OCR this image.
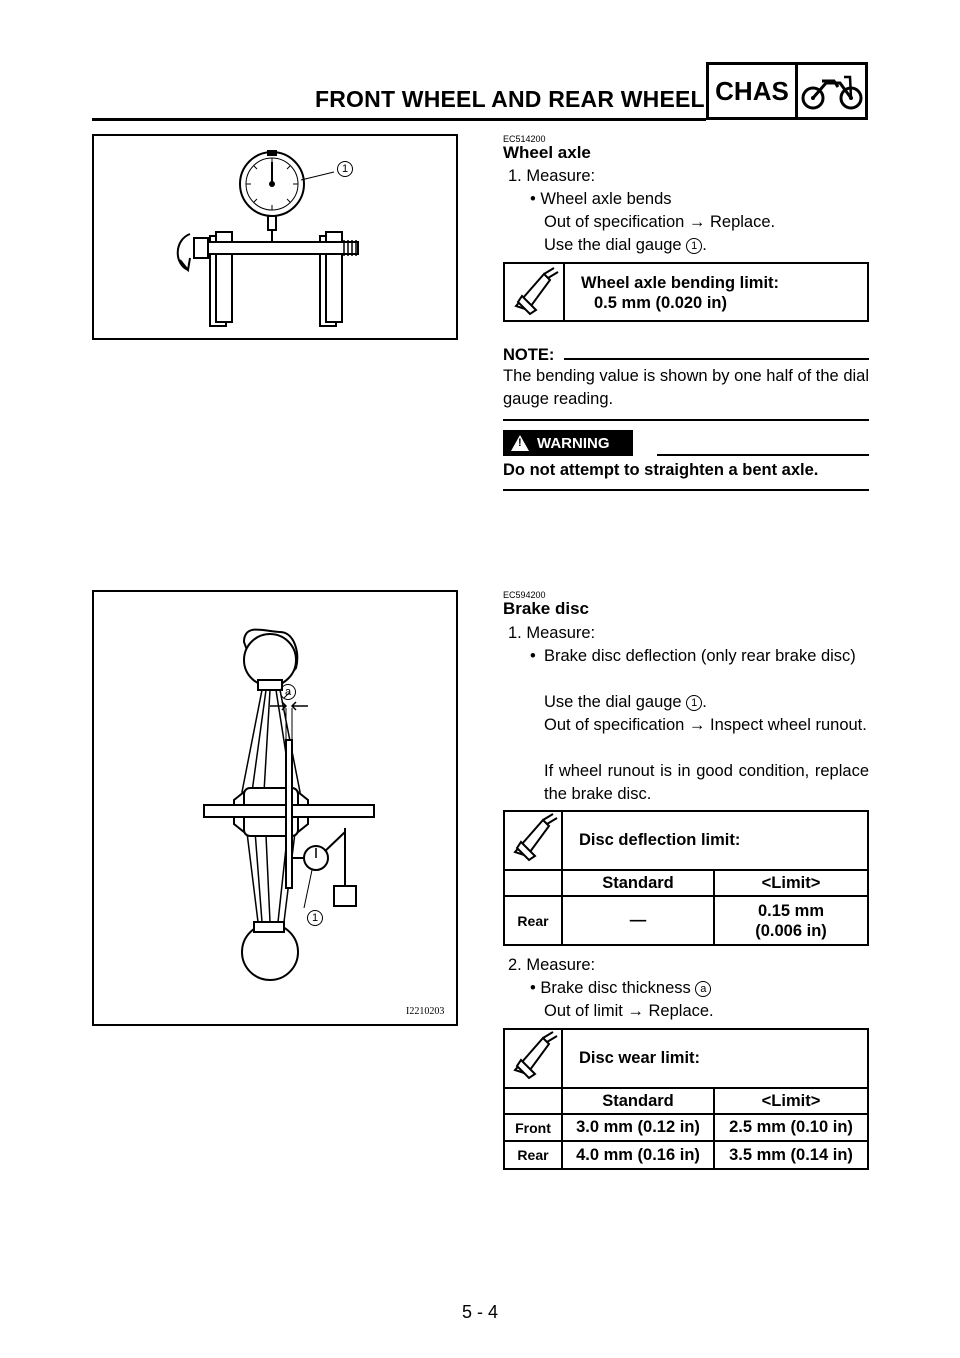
FRONT WHEEL AND REAR WHEEL CHAS
1
EC514200
Wheel axle
1. Measure:
• Wheel axle bends
Out of specification → Replace.
Use the dial gauge 1 .
Wheel axle bending limit:
0.5 mm (0.020 in)
NOTE:
The bending value is shown by one half of the dial gauge reading.
! WARNING
Do not attempt to straighten a bent axle.
a
1
I2210203
EC594200
Brake disc
1. Measure:
• Brake disc deflection (only rear brake disc)
Use the dial gauge 1 .
Out of specification → Inspect wheel runout.
If wheel runout is in good condition, replace the brake disc.
	Disc deflection limit:	
	Standard	<Limit>
Rear	—	0.15 mm (0.006 in)
2. Measure:
• Brake disc thickness a
Out of limit → Replace.
	Disc wear limit:	
	Standard	<Limit>
Front	3.0 mm (0.12 in)	2.5 mm (0.10 in)
Rear	4.0 mm (0.16 in)	3.5 mm (0.14 in)
5 - 4
